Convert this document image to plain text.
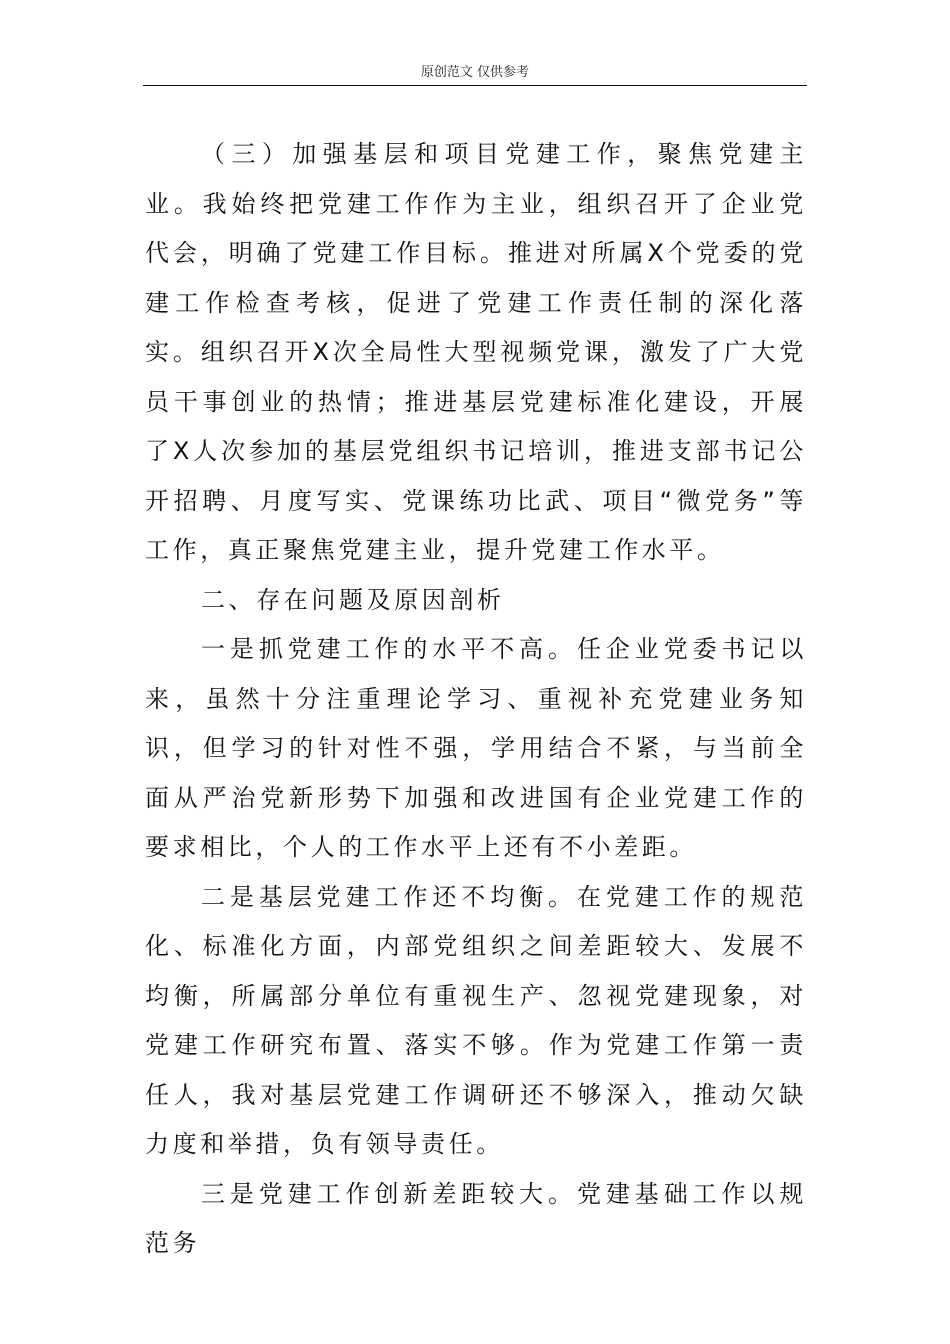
原创范文 仅供参考

（三）加强基层和项目党建工作，聚焦党建主业。我始终把党建工作作为主业，组织召开了企业党代会，明确了党建工作目标。推进对所属X个党委的党建工作检查考核，促进了党建工作责任制的深化落实。组织召开X次全局性大型视频党课，激发了广大党员干事创业的热情；推进基层党建标准化建设，开展了X人次参加的基层党组织书记培训，推进支部书记公开招聘、月度写实、党课练功比武、项目“微党务”等工作，真正聚焦党建主业，提升党建工作水平。

二、存在问题及原因剖析

一是抓党建工作的水平不高。任企业党委书记以来，虽然十分注重理论学习、重视补充党建业务知识，但学习的针对性不强，学用结合不紧，与当前全面从严治党新形势下加强和改进国有企业党建工作的要求相比，个人的工作水平上还有不小差距。

二是基层党建工作还不均衡。在党建工作的规范化、标准化方面，内部党组织之间差距较大、发展不均衡，所属部分单位有重视生产、忽视党建现象，对党建工作研究布置、落实不够。作为党建工作第一责任人，我对基层党建工作调研还不够深入，推动欠缺力度和举措，负有领导责任。

三是党建工作创新差距较大。党建基础工作以规范务
